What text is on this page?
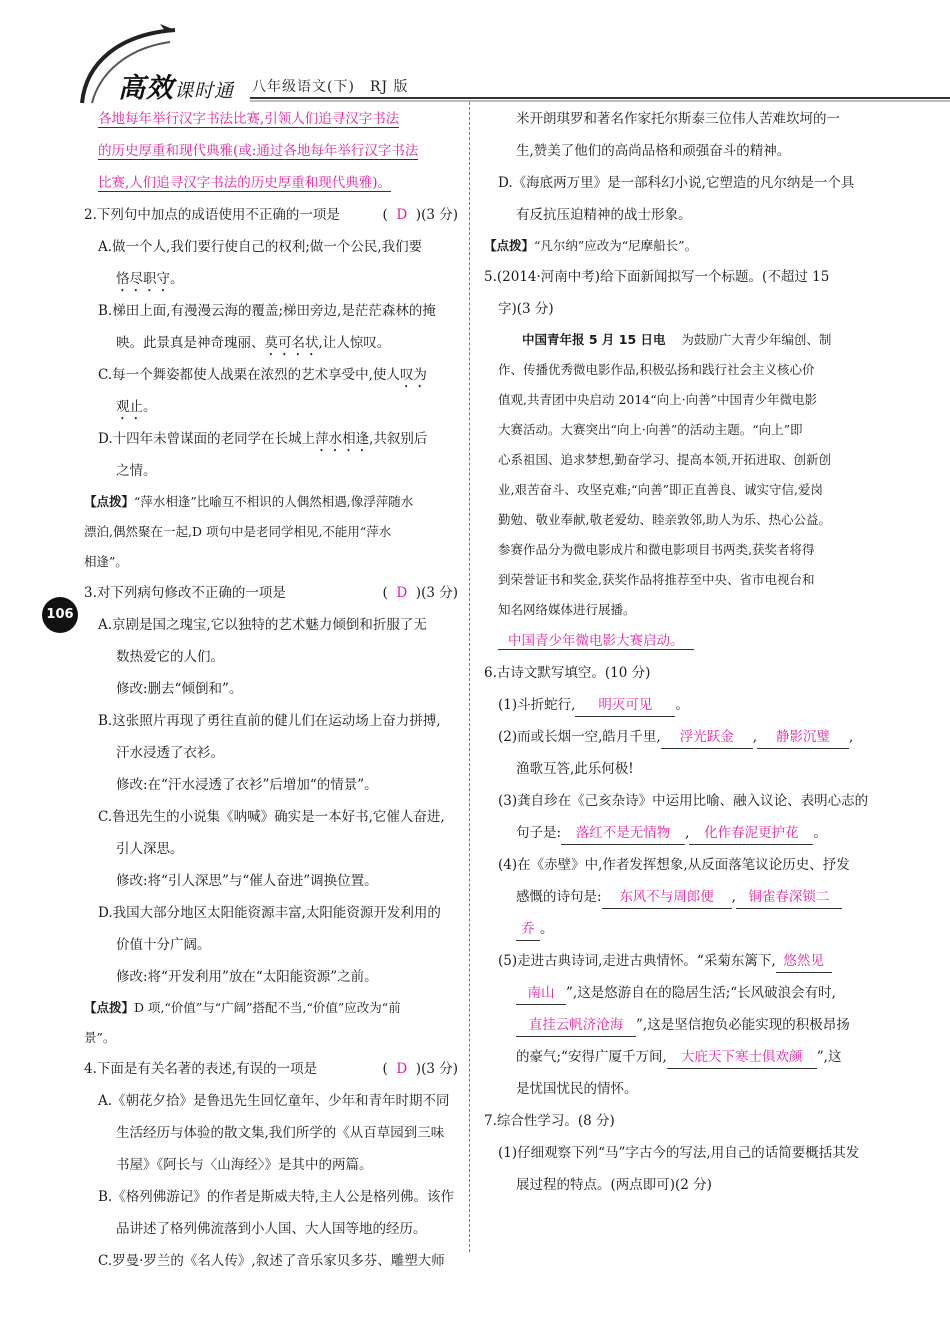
高效课时通 八年级语文(下)　RJ 版
106
各地每年举行汉字书法比赛,引领人们追寻汉字书法
的历史厚重和现代典雅(或:通过各地每年举行汉字书法
比赛,人们追寻汉字书法的历史厚重和现代典雅)。
2.下列句中加点的成语使用不正确的一项是	( D )(3 分)
A.做一个人,我们要行使自己的权利;做一个公民,我们要
恪尽职守。
B.梯田上面,有漫漫云海的覆盖;梯田旁边,是茫茫森林的掩
映。此景真是神奇瑰丽、莫可名状,让人惊叹。
C.每一个舞姿都使人战栗在浓烈的艺术享受中,使人叹为
观止。
D.十四年未曾谋面的老同学在长城上萍水相逢,共叙别后
之情。
【点拨】“萍水相逢”比喻互不相识的人偶然相遇,像浮萍随水
漂泊,偶然聚在一起,D 项句中是老同学相见,不能用“萍水
相逢”。
3.对下列病句修改不正确的一项是	( D )(3 分)
A.京剧是国之瑰宝,它以独特的艺术魅力倾倒和折服了无
数热爱它的人们。
修改:删去“倾倒和”。
B.这张照片再现了勇往直前的健儿们在运动场上奋力拼搏,
汗水浸透了衣衫。
修改:在“汗水浸透了衣衫”后增加“的情景”。
C.鲁迅先生的小说集《呐喊》确实是一本好书,它催人奋进,
引人深思。
修改:将“引人深思”与“催人奋进”调换位置。
D.我国大部分地区太阳能资源丰富,太阳能资源开发利用的
价值十分广阔。
修改:将“开发利用”放在“太阳能资源”之前。
【点拨】D 项,“价值”与“广阔”搭配不当,“价值”应改为“前
景”。
4.下面是有关名著的表述,有误的一项是	( D )(3 分)
A.《朝花夕拾》是鲁迅先生回忆童年、少年和青年时期不同
生活经历与体验的散文集,我们所学的《从百草园到三味
书屋》《阿长与〈山海经〉》是其中的两篇。
B.《格列佛游记》的作者是斯威夫特,主人公是格列佛。该作
品讲述了格列佛流落到小人国、大人国等地的经历。
C.罗曼·罗兰的《名人传》,叙述了音乐家贝多芬、雕塑大师
米开朗琪罗和著名作家托尔斯泰三位伟人苦难坎坷的一
生,赞美了他们的高尚品格和顽强奋斗的精神。
D.《海底两万里》是一部科幻小说,它塑造的凡尔纳是一个具
有反抗压迫精神的战士形象。
【点拨】“凡尔纳”应改为“尼摩船长”。
5.(2014·河南中考)给下面新闻拟写一个标题。(不超过 15
字)(3 分)
中国青年报 5 月 15 日电 为鼓励广大青少年编创、制
作、传播优秀微电影作品,积极弘扬和践行社会主义核心价
值观,共青团中央启动 2014“向上·向善”中国青少年微电影
大赛活动。大赛突出“向上·向善”的活动主题。“向上”即
心系祖国、追求梦想,勤奋学习、提高本领,开拓进取、创新创
业,艰苦奋斗、攻坚克难;“向善”即正直善良、诚实守信,爱岗
勤勉、敬业奉献,敬老爱幼、睦亲敦邻,助人为乐、热心公益。
参赛作品分为微电影成片和微电影项目书两类,获奖者将得
到荣誉证书和奖金,获奖作品将推荐至中央、省市电视台和
知名网络媒体进行展播。
中国青少年微电影大赛启动。
6.古诗文默写填空。(10 分)
(1)斗折蛇行, 明灭可见 。
(2)而或长烟一空,皓月千里, 浮光跃金 , 静影沉璧 ,
渔歌互答,此乐何极!
(3)龚自珍在《己亥杂诗》中运用比喻、融入议论、表明心志的
句子是: 落红不是无情物 , 化作春泥更护花 。
(4)在《赤壁》中,作者发挥想象,从反面落笔议论历史、抒发
感慨的诗句是: 东风不与周郎便 , 铜雀春深锁二
乔 。
(5)走进古典诗词,走进古典情怀。“采菊东篱下, 悠然见
南山 ”,这是悠游自在的隐居生活;“长风破浪会有时,
直挂云帆济沧海 ”,这是坚信抱负必能实现的积极昂扬
的豪气;“安得广厦千万间, 大庇天下寒士俱欢颜 ”,这
是忧国忧民的情怀。
7.综合性学习。(8 分)
(1)仔细观察下列“马”字古今的写法,用自己的话简要概括其发
展过程的特点。(两点即可)(2 分)
